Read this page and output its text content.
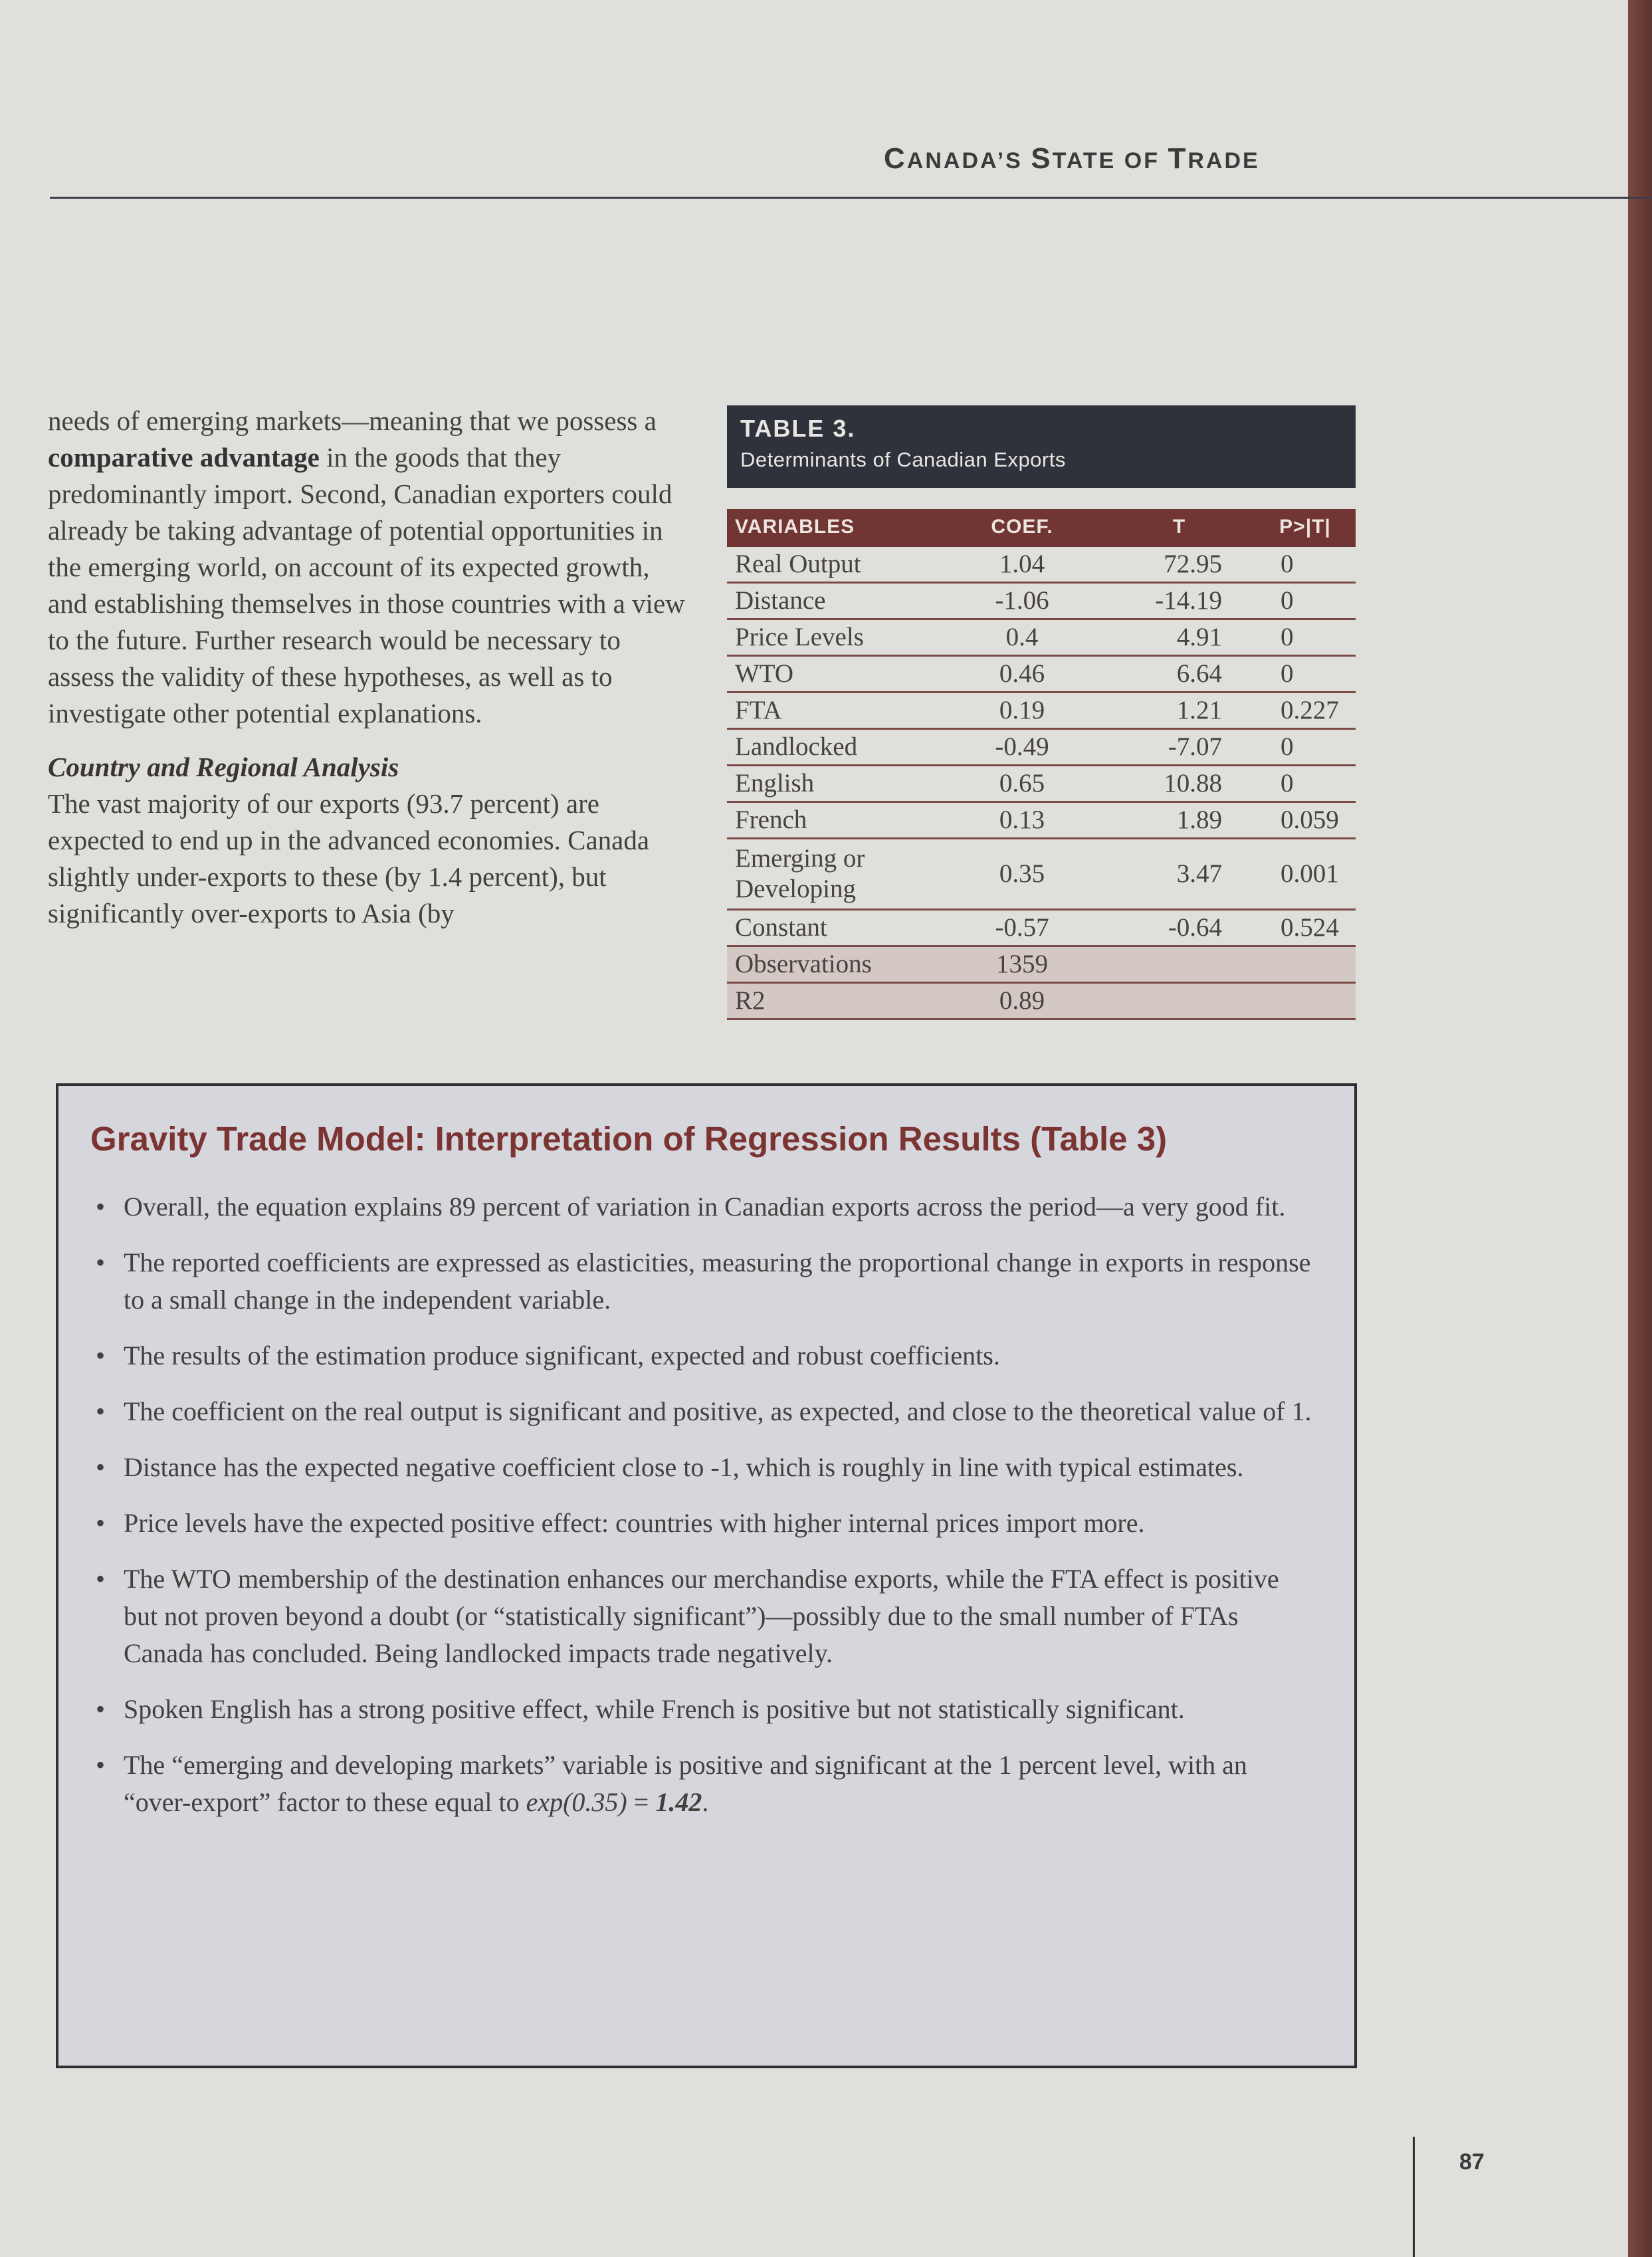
CANADA’S STATE OF TRADE

needs of emerging markets—meaning that we possess a comparative advantage in the goods that they predominantly import. Second, Canadian exporters could already be taking advantage of potential opportunities in the emerging world, on account of its expected growth, and establishing themselves in those countries with a view to the future. Further research would be necessary to assess the validity of these hypotheses, as well as to investigate other potential explanations.

Country and Regional Analysis

The vast majority of our exports (93.7 percent) are expected to end up in the advanced economies. Canada slightly under-exports to these (by 1.4 percent), but significantly over-exports to Asia (by

TABLE 3.
Determinants of Canadian Exports
VARIABLES	COEF.	T	P>|T|
Real Output	1.04	72.95	0
Distance	-1.06	-14.19	0
Price Levels	0.4	4.91	0
WTO	0.46	6.64	0
FTA	0.19	1.21	0.227
Landlocked	-0.49	-7.07	0
English	0.65	10.88	0
French	0.13	1.89	0.059
Emerging or Developing	0.35	3.47	0.001
Constant	-0.57	-0.64	0.524
Observations	1359		
R2	0.89		
Gravity Trade Model: Interpretation of Regression Results (Table 3)
• Overall, the equation explains 89 percent of variation in Canadian exports across the period—a very good fit.
• The reported coefficients are expressed as elasticities, measuring the proportional change in exports in response to a small change in the independent variable.
• The results of the estimation produce significant, expected and robust coefficients.
• The coefficient on the real output is significant and positive, as expected, and close to the theoretical value of 1.
• Distance has the expected negative coefficient close to -1, which is roughly in line with typical estimates.
• Price levels have the expected positive effect: countries with higher internal prices import more.
• The WTO membership of the destination enhances our merchandise exports, while the FTA effect is positive but not proven beyond a doubt (or “statistically significant”)—possibly due to the small number of FTAs Canada has concluded. Being landlocked impacts trade negatively.
• Spoken English has a strong positive effect, while French is positive but not statistically significant.
• The “emerging and developing markets” variable is positive and significant at the 1 percent level, with an “over-export” factor to these equal to exp(0.35) = 1.42.
87
